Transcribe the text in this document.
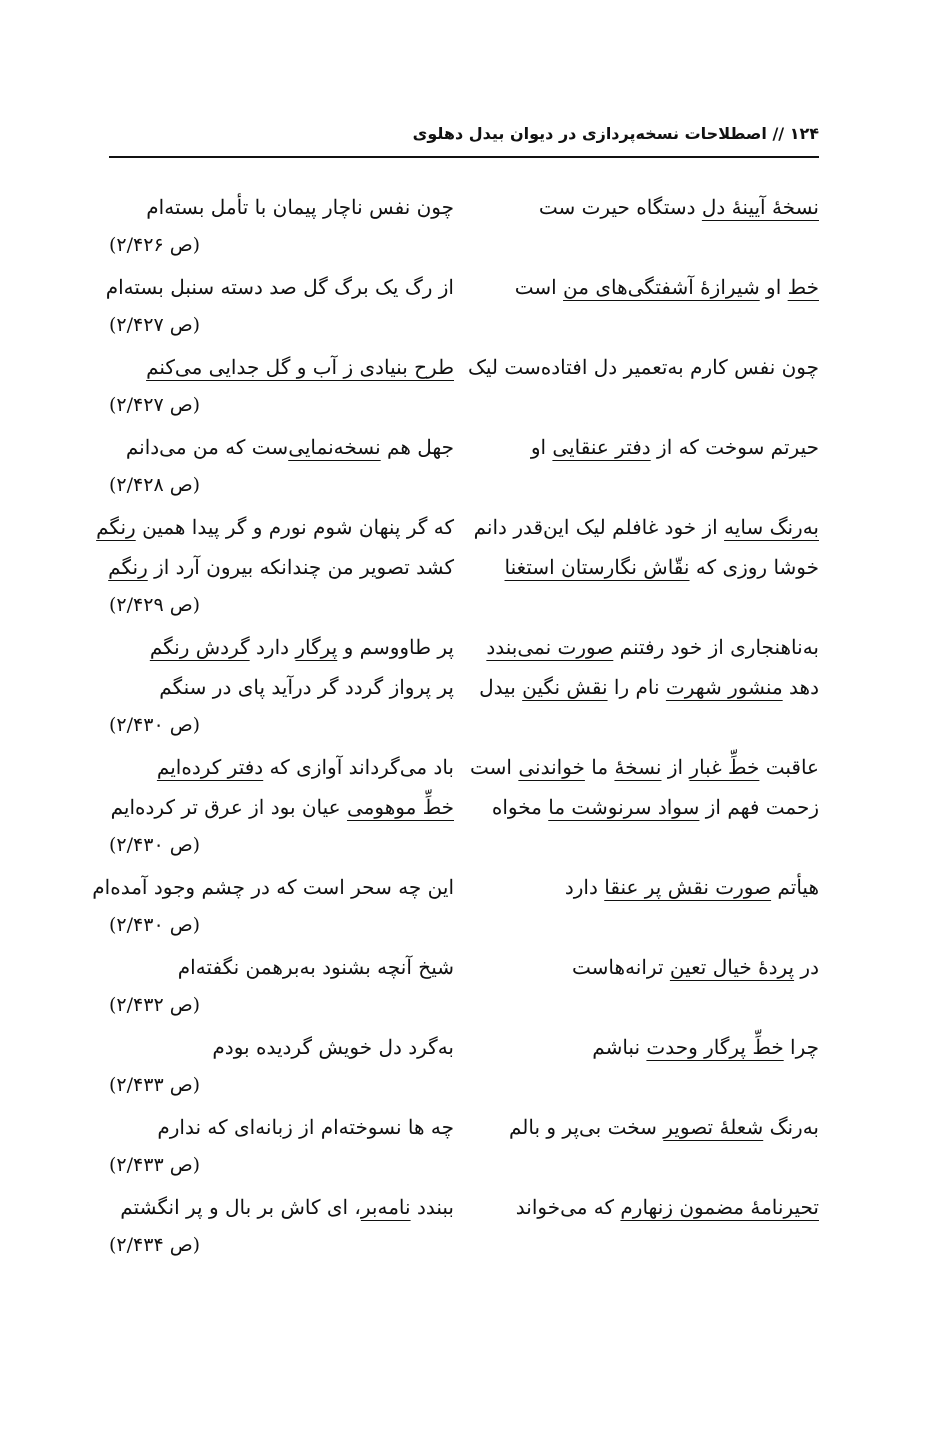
۱۲۴ // اصطلاحات نسخه‌پردازی در دیوان بیدل دهلوی
نسخهٔ آیینهٔ دل دستگاه حیرت ست
چون نفس ناچار پیمان با تأمل بسته‌ام
(ص ۲/۴۲۶)
خط او شیرازهٔ آشفتگی‌های من است
از رگ یک برگ گل صد دسته سنبل بسته‌ام
(ص ۲/۴۲۷)
چون نفس کارم به‌تعمیر دل افتاده‌ست لیک
طرح بنیادی ز آب و گل جدایی می‌کنم
(ص ۲/۴۲۷)
حیرتم سوخت که از دفتر عنقایی او
جهل هم نسخه‌نمایی‌ست که من می‌دانم
(ص ۲/۴۲۸)
به‌رنگ سایه از خود غافلم لیک این‌قدر دانم
که گر پنهان شوم نورم و گر پیدا همین رنگم
خوشا روزی که نقّاش نگارستان استغنا
کشد تصویر من چندانکه بیرون آرد از رنگم
(ص ۲/۴۲۹)
به‌ناهنجاری از خود رفتنم صورت نمی‌بندد
پر طاووسم و پرگار دارد گردش رنگم
دهد منشور شهرت نام را نقش نگین بیدل
پر پرواز گردد گر درآید پای در سنگم
(ص ۲/۴۳۰)
عاقبت خطِّ غبار از نسخهٔ ما خواندنی است
باد می‌گرداند آوازی که دفتر کرده‌ایم
زحمت فهم از سواد سرنوشت ما مخواه
خطِّ موهومی عیان بود از عرق تر کرده‌ایم
(ص ۲/۴۳۰)
هیأتم صورت نقش پر عنقا دارد
این چه سحر است که در چشم وجود آمده‌ام
(ص ۲/۴۳۰)
در پردهٔ خیال تعین ترانه‌هاست
شیخ آنچه بشنود به‌برهمن نگفته‌ام
(ص ۲/۴۳۲)
چرا خطِّ پرگار وحدت نباشم
به‌گرد دل خویش گردیده بودم
(ص ۲/۴۳۳)
به‌رنگ شعلهٔ تصویر سخت بی‌پر و بالم
چه ها نسوخته‌ام از زبانه‌ای که ندارم
(ص ۲/۴۳۳)
تحیرنامهٔ مضمون زنهارم که می‌خواند
ببندد نامه‌بر، ای کاش بر بال و پر انگشتم
(ص ۲/۴۳۴)
